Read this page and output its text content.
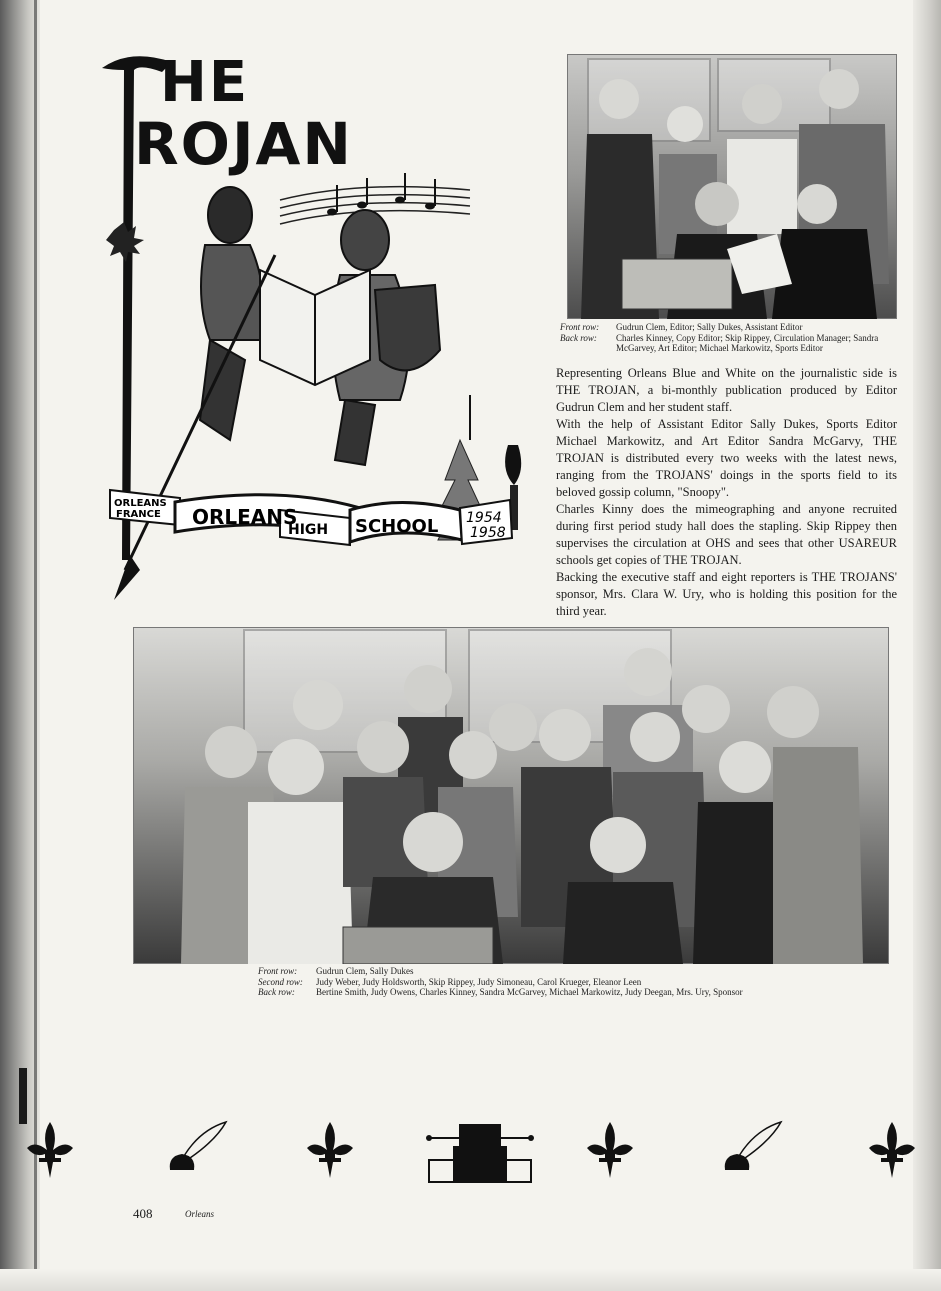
ORLEANS
FRANCE ORLEANS
HIGH SCHOOL 1954
1958
HE
ROJAN
Front row: Gudrun Clem, Editor; Sally Dukes, Assistant Editor
Back row: Charles Kinney, Copy Editor; Skip Rippey, Circulation Manager; Sandra McGarvey, Art Editor; Michael Markowitz, Sports Editor

Representing Orleans Blue and White on the journalistic side is THE TROJAN, a bi-monthly publication produced by Editor Gudrun Clem and her student staff.

With the help of Assistant Editor Sally Dukes, Sports Editor Michael Markowitz, and Art Editor Sandra McGarvy, THE TROJAN is distributed every two weeks with the latest news, ranging from the TROJANS' doings in the sports field to its beloved gossip column, "Snoopy".

Charles Kinny does the mimeographing and anyone recruited during first period study hall does the stapling. Skip Rippey then supervises the circulation at OHS and sees that other USAREUR schools get copies of THE TROJAN.

Backing the executive staff and eight reporters is THE TROJANS' sponsor, Mrs. Clara W. Ury, who is holding this position for the third year.

Front row: Gudrun Clem, Sally Dukes
Second row: Judy Weber, Judy Holdsworth, Skip Rippey, Judy Simoneau, Carol Krueger, Eleanor Leen
Back row: Bertine Smith, Judy Owens, Charles Kinney, Sandra McGarvey, Michael Markowitz, Judy Deegan, Mrs. Ury, Sponsor
408	Orleans
